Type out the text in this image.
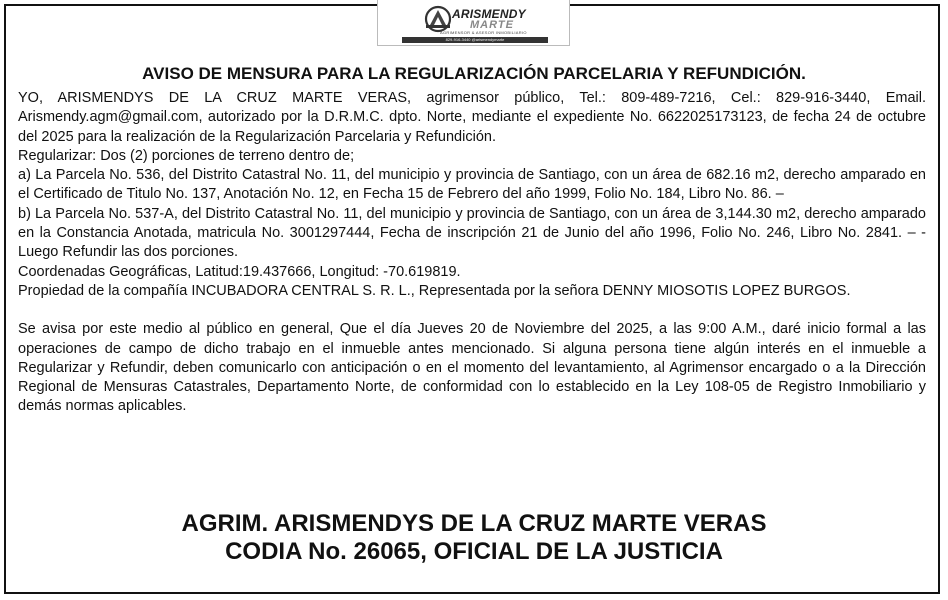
ARISMENDY
MARTE
AGRIMENSOR & ASESOR INMOBILIARIO
829-916-3440 @arismendymarte
AVISO DE MENSURA PARA LA REGULARIZACIÓN PARCELARIA Y REFUNDICIÓN.

YO, ARISMENDYS DE LA CRUZ MARTE VERAS, agrimensor público, Tel.: 809-489-7216, Cel.: 829-916-3440, Email. Arismendy.agm@gmail.com, autorizado por la D.R.M.C. dpto. Norte, mediante el expediente No. 6622025173123, de fecha 24 de octubre del 2025 para la realización de la Regularización Parcelaria y Refundición.

Regularizar: Dos (2) porciones de terreno dentro de;

a) La Parcela No. 536, del Distrito Catastral No. 11, del municipio y provincia de Santiago, con un área de 682.16 m2, derecho amparado en el Certificado de Titulo No. 137, Anotación No. 12, en Fecha 15 de Febrero del año 1999, Folio No. 184, Libro No. 86. –

b) La Parcela No. 537-A, del Distrito Catastral No. 11, del municipio y provincia de Santiago, con un área de 3,144.30 m2, derecho amparado en la Constancia Anotada, matricula No. 3001297444, Fecha de inscripción 21 de Junio del año 1996, Folio No. 246, Libro No. 2841. – - Luego Refundir las dos porciones.

Coordenadas Geográficas, Latitud:19.437666, Longitud: -70.619819.

Propiedad de la compañía INCUBADORA CENTRAL S. R. L., Representada por la señora DENNY MIOSOTIS LOPEZ BURGOS.

Se avisa por este medio al público en general, Que el día Jueves 20 de Noviembre del 2025, a las 9:00 A.M., daré inicio formal a las operaciones de campo de dicho trabajo en el inmueble antes mencionado. Si alguna persona tiene algún interés en el inmueble a Regularizar y Refundir, deben comunicarlo con anticipación o en el momento del levantamiento, al Agrimensor encargado o a la Dirección Regional de Mensuras Catastrales, Departamento Norte, de conformidad con lo establecido en la Ley 108-05 de Registro Inmobiliario y demás normas aplicables.

AGRIM. ARISMENDYS DE LA CRUZ MARTE VERAS
CODIA No. 26065, OFICIAL DE LA JUSTICIA
